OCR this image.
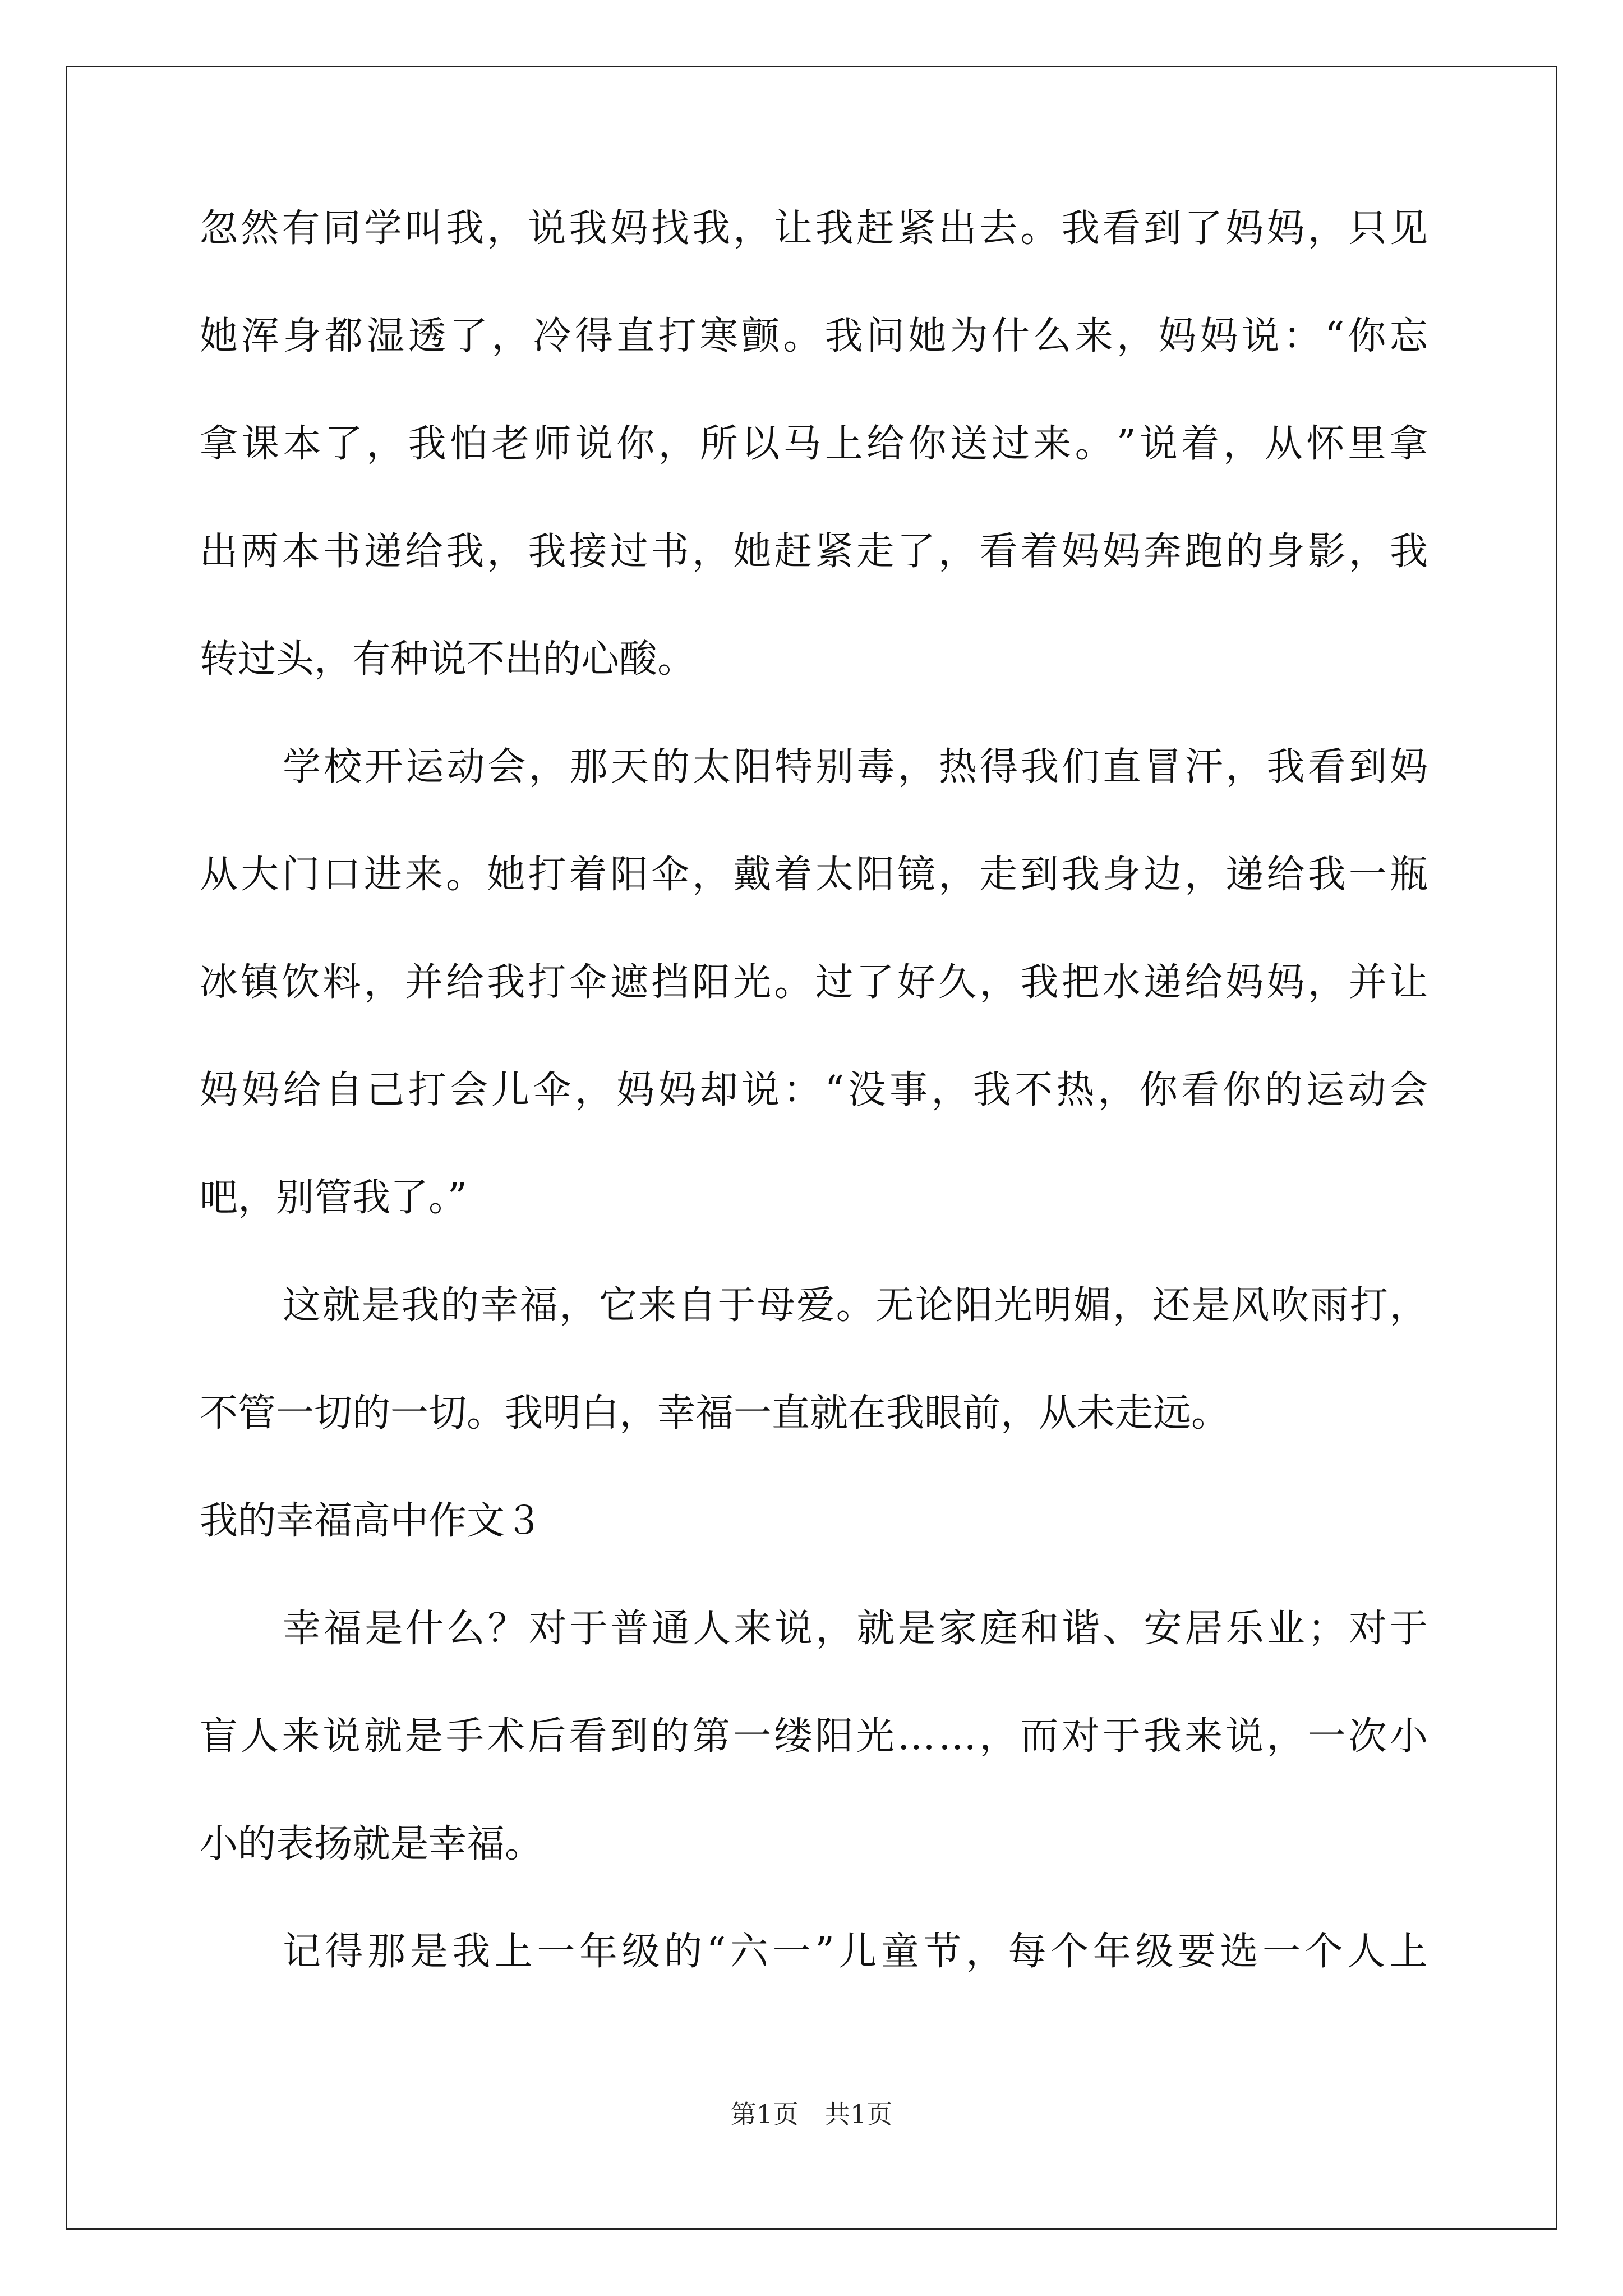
忽 然 有 同 学 叫 我 ， 说 我 妈 找 我 ， 让 我 赶 紧 出 去 。 我 看 到 了 妈 妈 ， 只 见
她 浑 身 都 湿 透 了 ， 冷 得 直 打 寒 颤 。 我 问 她 为 什 么 来 ， 妈 妈 说 ： “ 你 忘
拿 课 本 了 ， 我 怕 老 师 说 你 ， 所 以 马 上 给 你 送 过 来 。 ” 说 着 ， 从 怀 里 拿
出 两 本 书 递 给 我 ， 我 接 过 书 ， 她 赶 紧 走 了 ， 看 着 妈 妈 奔 跑 的 身 影 ， 我
转过头，有种说不出的心酸。
学 校 开 运 动 会 ， 那 天 的 太 阳 特 别 毒 ， 热 得 我 们 直 冒 汗 ， 我 看 到 妈
从 大 门 口 进 来 。 她 打 着 阳 伞 ， 戴 着 太 阳 镜 ， 走 到 我 身 边 ， 递 给 我 一 瓶
冰 镇 饮 料 ， 并 给 我 打 伞 遮 挡 阳 光 。 过 了 好 久 ， 我 把 水 递 给 妈 妈 ， 并 让
妈 妈 给 自 己 打 会 儿 伞 ， 妈 妈 却 说 ： “ 没 事 ， 我 不 热 ， 你 看 你 的 运 动 会
吧，别管我了。”
这 就 是 我 的 幸 福 ， 它 来 自 于 母 爱 。 无 论 阳 光 明 媚 ， 还 是 风 吹 雨 打 ，
不管一切的一切。我明白，幸福一直就在我眼前，从未走远。
我的幸福高中作文３
幸 福 是 什 么 ？ 对 于 普 通 人 来 说 ， 就 是 家 庭 和 谐 、 安 居 乐 业 ； 对 于
盲 人 来 说 就 是 手 术 后 看 到 的 第 一 缕 阳 光 … … ， 而 对 于 我 来 说 ， 一 次 小
小的表扬就是幸福。
记 得 那 是 我 上 一 年 级 的 “ 六 一 ” 儿 童 节 ， 每 个 年 级 要 选 一 个 人 上
第1页　共1页
